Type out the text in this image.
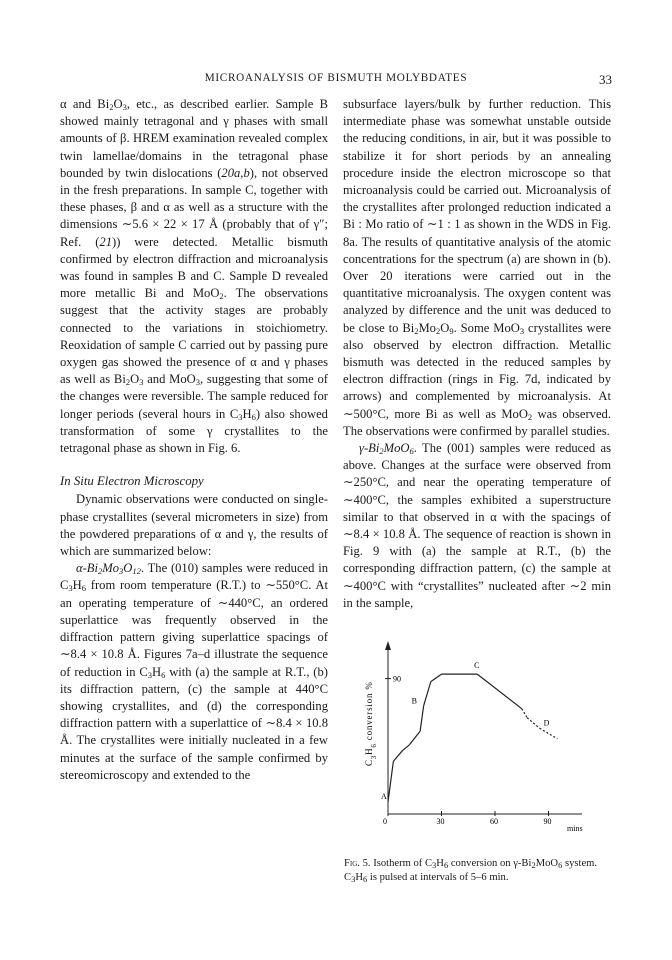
MICROANALYSIS OF BISMUTH MOLYBDATES	33

α and $Bi_2O_3$, etc., as described earlier. Sample B showed mainly tetragonal and γ phases with small amounts of β. HREM examination revealed complex twin lamellae/domains in the tetragonal phase bounded by twin dislocations (20a,b), not observed in the fresh preparations. In sample C, together with these phases, β and α as well as a structure with the dimensions ∼5.6 × 22 × 17 Å (probably that of γ″; Ref. (21)) were detected. Metallic bismuth confirmed by electron diffraction and microanalysis was found in samples B and C. Sample D revealed more metallic Bi and MoO$_2$. The observations suggest that the activity stages are probably connected to the variations in stoichiometry. Reoxidation of sample C carried out by passing pure oxygen gas showed the presence of α and γ phases as well as $Bi_2O_3$ and MoO$_3$, suggesting that some of the changes were reversible. The sample reduced for longer periods (several hours in $C_3H_6$) also showed transformation of some γ crystallites to the tetragonal phase as shown in Fig. 6.

In Situ Electron Microscopy

Dynamic observations were conducted on single-phase crystallites (several micrometers in size) from the powdered preparations of α and γ, the results of which are summarized below:

$\alpha-Bi_2Mo_3O_{12}$. The (010) samples were reduced in $C_3H_6$ from room temperature (R.T.) to ∼550°C. At an operating temperature of ∼440°C, an ordered superlattice was frequently observed in the diffraction pattern giving superlattice spacings of ∼8.4 × 10.8 Å. Figures 7a–d illustrate the sequence of reduction in $C_3H_6$ with (a) the sample at R.T., (b) its diffraction pattern, (c) the sample at 440°C showing crystallites, and (d) the corresponding diffraction pattern with a superlattice of ∼8.4 × 10.8 Å. The crystallites were initially nucleated in a few minutes at the surface of the sample confirmed by stereomicroscopy and extended to the

subsurface layers/bulk by further reduction. This intermediate phase was somewhat unstable outside the reducing conditions, in air, but it was possible to stabilize it for short periods by an annealing procedure inside the electron microscope so that microanalysis could be carried out. Microanalysis of the crystallites after prolonged reduction indicated a Bi : Mo ratio of ∼1 : 1 as shown in the WDS in Fig. 8a. The results of quantitative analysis of the atomic concentrations for the spectrum (a) are shown in (b). Over 20 iterations were carried out in the quantitative microanalysis. The oxygen content was analyzed by difference and the unit was deduced to be close to $Bi_2Mo_2O_9$. Some MoO$_3$ crystallites were also observed by electron diffraction. Metallic bismuth was detected in the reduced samples by electron diffraction (rings in Fig. 7d, indicated by arrows) and complemented by microanalysis. At ∼500°C, more Bi as well as MoO$_2$ was observed. The observations were confirmed by parallel studies.

$\gamma-Bi_2MoO_6$. The (001) samples were reduced as above. Changes at the surface were observed from ∼250°C, and near the operating temperature of ∼400°C, the samples exhibited a superstructure similar to that observed in α with the spacings of ∼8.4 × 10.8 Å. The sequence of reaction is shown in Fig. 9 with (a) the sample at R.T., (b) the corresponding diffraction pattern, (c) the sample at ∼400°C with “crystallites” nucleated after ∼2 min in the sample,

$C_3H_6$ conversion %
mins
0	30	60	90
90
A
B
C
D
Fig. 5. Isotherm of $C_3H_6$ conversion on $\gamma-Bi_2MoO_6$ system. $C_3H_6$ is pulsed at intervals of 5–6 min.
